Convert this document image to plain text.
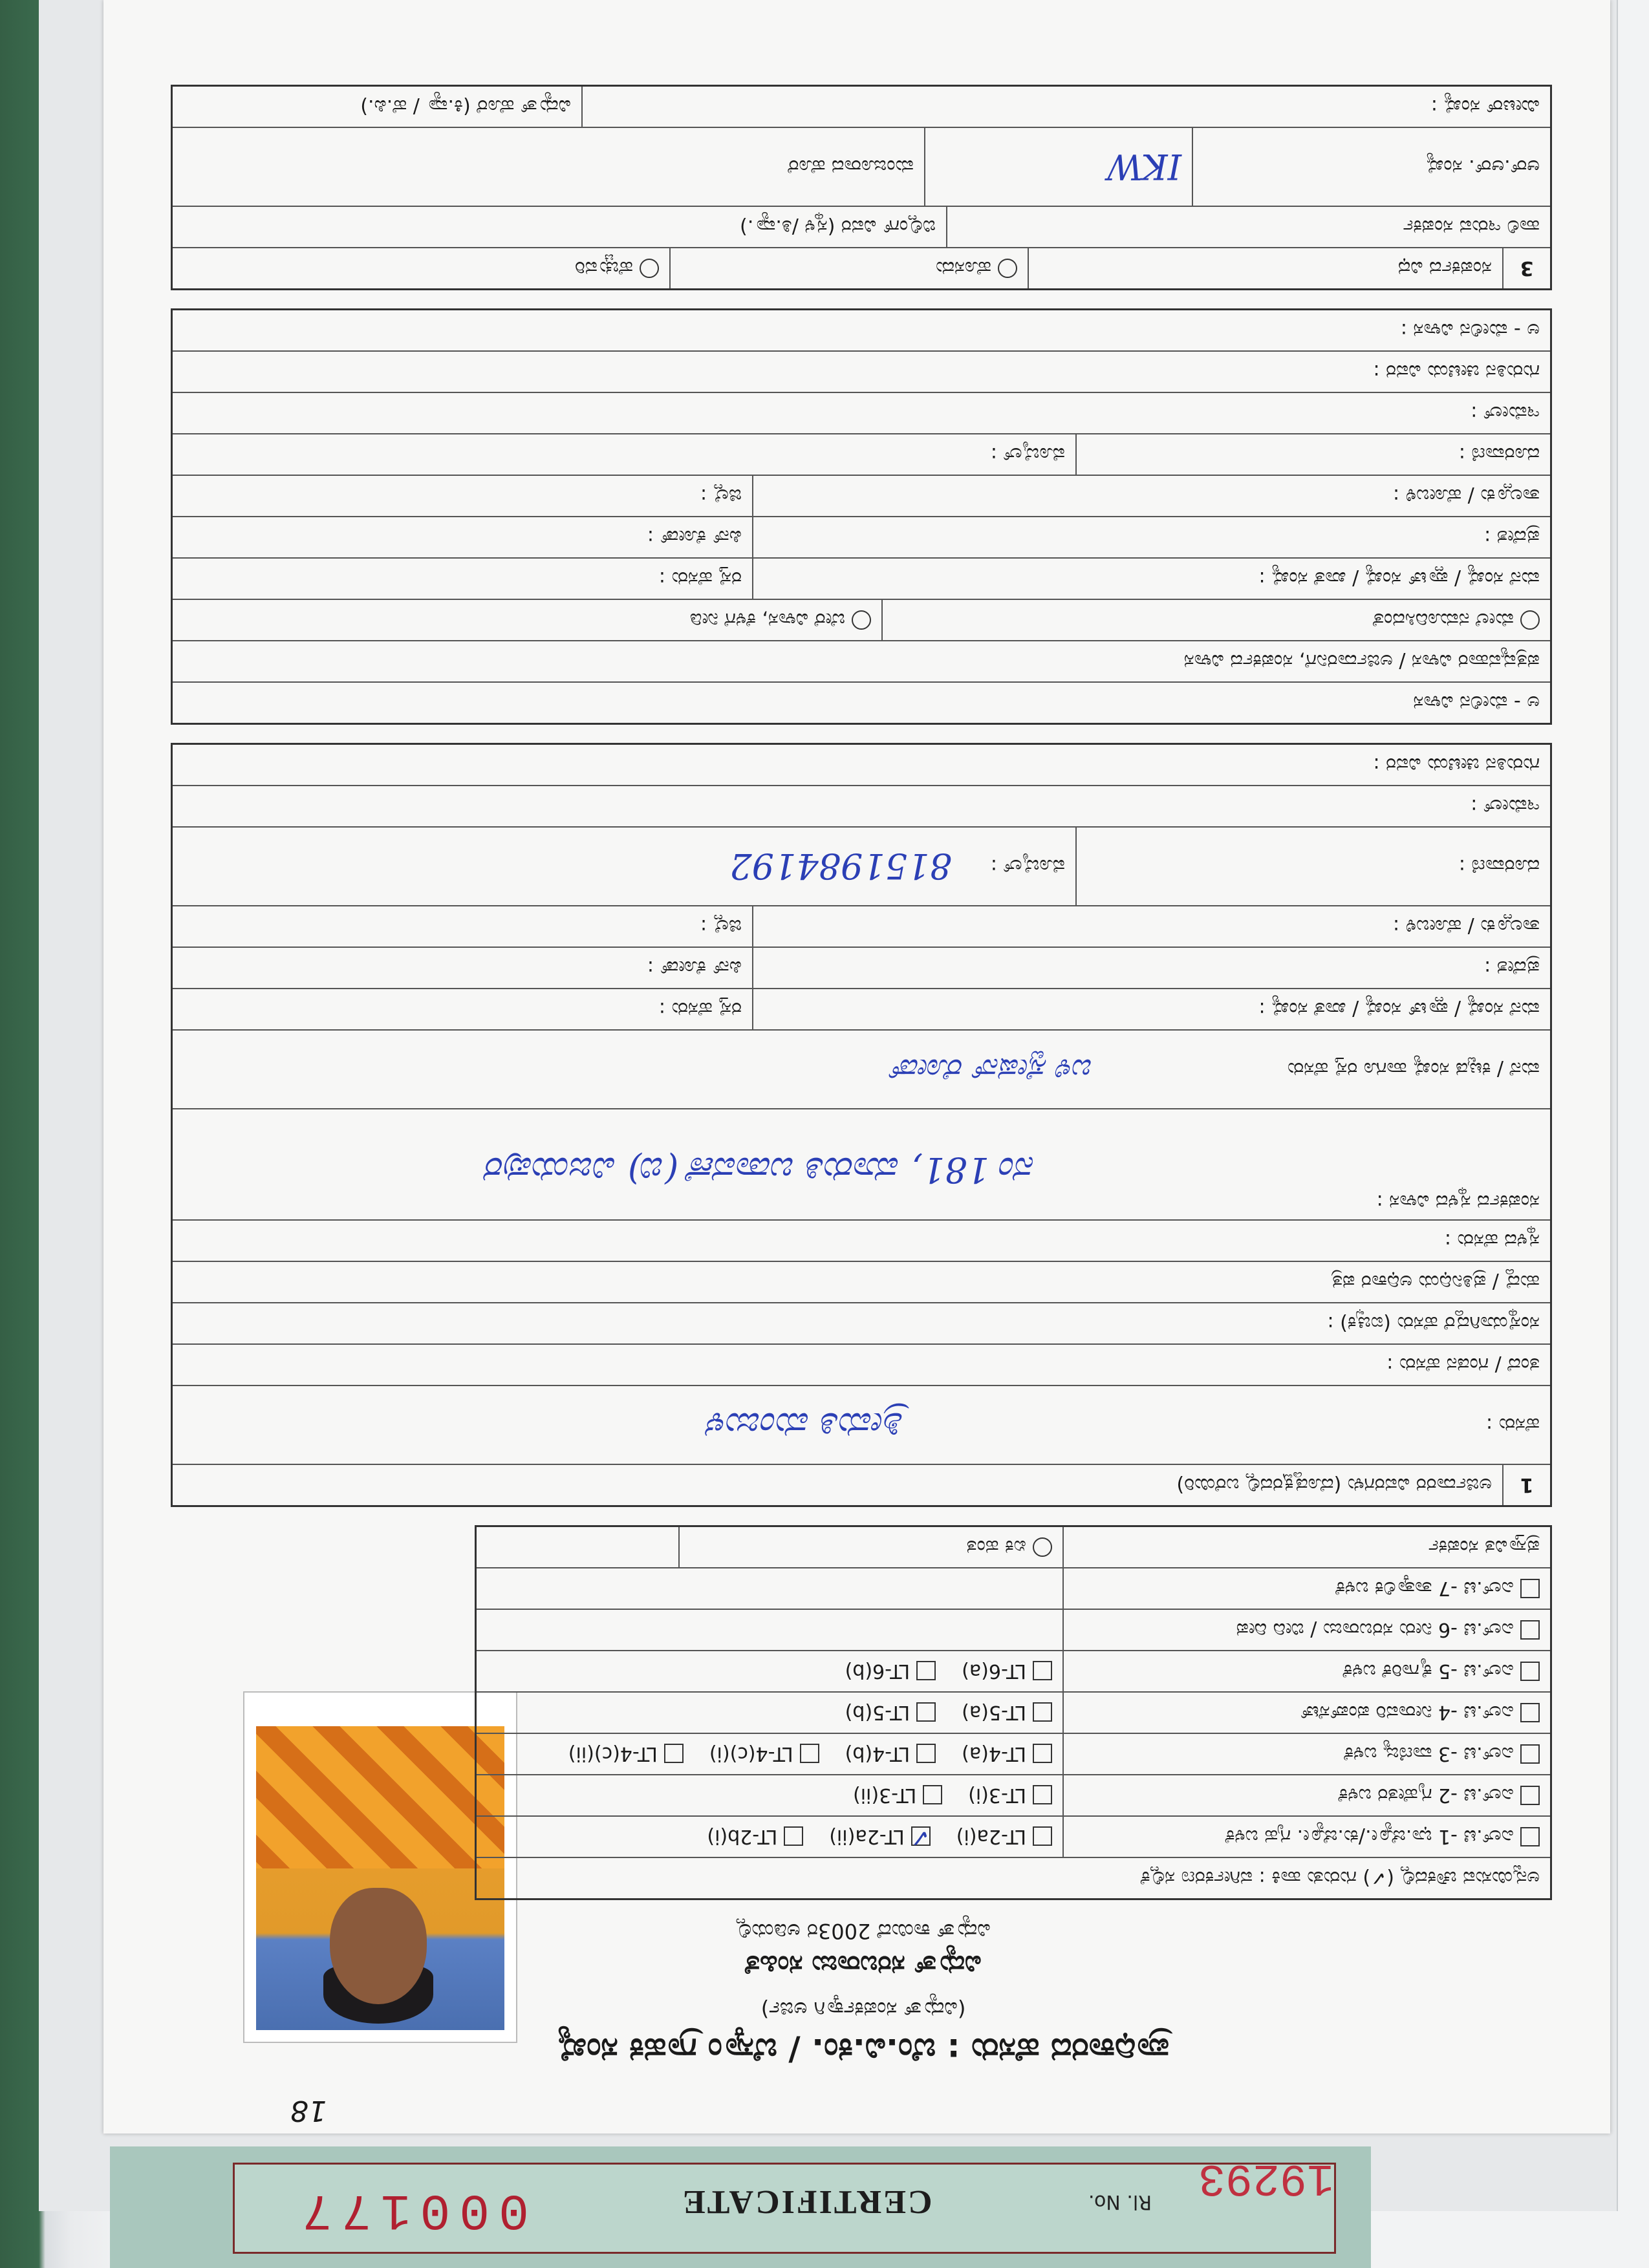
CERTIFICATE	Rl. No.
000177
19293
18
ಪ್ರಾಧಿಕಾರದ ಹೆಸರು : ಬೆಂ.ವಿ.ಕಂ. / ಬೆಸ್ಕಾಂ ಗ್ರಾಹಕ ಸಂಖ್ಯೆ
(ವಿದ್ಯುತ್ ಸಂಪರ್ಕಕ್ಕಾಗಿ ಅರ್ಜಿ)
ವಿದ್ಯುತ್ ಸರಬರಾಜು ಸಂಹಿತೆ
ವಿದ್ಯುತ್ ಕಾಯಿದೆ 2003ರ ಅಡಿಯಲ್ಲಿ
ಅನ್ವಯಿಸುವ ಚೌಕದಲ್ಲಿ (✓) ಗುರುತು ಹಾಕಿ : ವರ್ಗೀಕರಣ ಸಲ್ಲಿಕೆ
ಎಲ್.ಟಿ -1 ಭಾ.ಜ್ಯೋ./ಕು.ಜ್ಯೋ. ಗೃಹ ಬಳಕೆ
LT-2a(i)
✓LT-2a(ii)
LT-2b(i)
ಎಲ್.ಟಿ -2 ಗೃಹೇತರ ಬಳಕೆ
LT-3(i)
LT-3(ii)
ಎಲ್.ಟಿ -3 ವಾಣಿಜ್ಯ ಬಳಕೆ
LT-4(a)
LT-4(b)
LT-4(c)(i)
LT-4(c)(ii)
ಎಲ್.ಟಿ -4 ನೀರಾವರಿ ಪಂಪ್‌ಸೆಟ್
LT-5(a)
LT-5(b)
ಎಲ್.ಟಿ -5 ಕೈಗಾರಿಕೆ ಬಳಕೆ
LT-6(a)
LT-6(b)
ಎಲ್.ಟಿ -6 ನೀರು ಸರಬರಾಜು / ಬೀದಿ ದೀಪ
ಎಲ್.ಟಿ -7 ತಾತ್ಕಾಲಿಕ ಬಳಕೆ
ಪ್ರಸ್ತಾವಿತ ಸಂಪರ್ಕ
ಏಕ ಹಂತ
1
ಅರ್ಜಿದಾರರ ವಿವರಗಳು (ದೊಡ್ಡಕ್ಷರದಲ್ಲಿ ಬರೆಯಿರಿ)
ಹೆಸರು :
ಶ್ರೀಮತಿ ಮಂಜುಳ
ತಂದೆ / ಗಂಡನ ಹೆಸರು :
ಸಂಸ್ಥೆಯಾಗಿದ್ದರೆ ಹೆಸರು (ಐಚ್ಛಿಕ) :
ಹುದ್ದೆ / ಪ್ರತಿನಿಧಿಯ ಅಧಿಕಾರ ಪತ್ರ
ಸ್ಥಳದ ಹೆಸರು :
ಸಂಪರ್ಕದ ಸ್ಥಳದ ವಿಳಾಸ :
ನಂ 181, ಮಾರುತಿ ಬಡಾವಣೆ (ಬಿ) ವಿಜಯಪುರ
ಮನೆ / ಕಟ್ಟಡ ಸಂಖ್ಯೆ ಹಾಗೂ ರಸ್ತೆ ಹೆಸರು
ಬಳಿ ಸ್ಟೇಷನ್ ರೋಡ್
ಮನೆ ಸಂಖ್ಯೆ / ಪ್ಲಾಟ್ ಸಂಖ್ಯೆ / ಖಾತೆ ಸಂಖ್ಯೆ :
ರಸ್ತೆ ಹೆಸರು :
ಪ್ರದೇಶ :
ಪಿನ್ ಕೋಡ್ :
ತಾಲ್ಲೂಕು / ಹೋಬಳಿ :
ಜಿಲ್ಲೆ :
ದೂರವಾಣಿ :
ಮೊಬೈಲ್ :
8151984192
ಇಮೇಲ್ :
ಗುರುತಿನ ಚೀಟಿಯ ವಿವರ :
ಅ - ಮೇಲಿನ ವಿಳಾಸ
ಪತ್ರವ್ಯವಹಾರ ವಿಳಾಸ / ಅರ್ಜಿದಾರನಿಗೆ, ಸಂಪರ್ಕದ ವಿಳಾಸ
ಮೇಲೆ ನಮೂದಿಸಿದಂತೆ
ಬೇರೆ ವಿಳಾಸ, ಕೆಳಗೆ ನೀಡಿ
ಮನೆ ಸಂಖ್ಯೆ / ಪ್ಲಾಟ್ ಸಂಖ್ಯೆ / ಖಾತೆ ಸಂಖ್ಯೆ :
ರಸ್ತೆ ಹೆಸರು :
ಪ್ರದೇಶ :
ಪಿನ್ ಕೋಡ್ :
ತಾಲ್ಲೂಕು / ಹೋಬಳಿ :
ಜಿಲ್ಲೆ :
ದೂರವಾಣಿ :
ಮೊಬೈಲ್ :
ಇಮೇಲ್ :
ಗುರುತಿನ ಚೀಟಿಯ ವಿವರ :
ಅ - ಮೇಲಿನ ವಿಳಾಸ :
3
ಸಂಪರ್ಕದ ವಿಧ
ಹೊಸದು
ಹೆಚ್ಚುವರಿ
ಹಾಲಿ ಇರುವ ಸಂಪರ್ಕ
ಬಿಲ್ಲಿಂಗ್ ವಿವರ (ಸ್ಥಳ /ತಿ.ವ್ಯಾ.)
ಆರ್.ಆರ್. ಸಂಖ್ಯೆ
IKW
ಮಂಜೂರಾದ ಹೊರೆ
ಮೀಟರ್ ಸಂಖ್ಯೆ :
ವಿದ್ಯುತ್ ಹೊರೆ (ಕಿ.ವ್ಯಾ / ಹೆ.ಪಿ.)
